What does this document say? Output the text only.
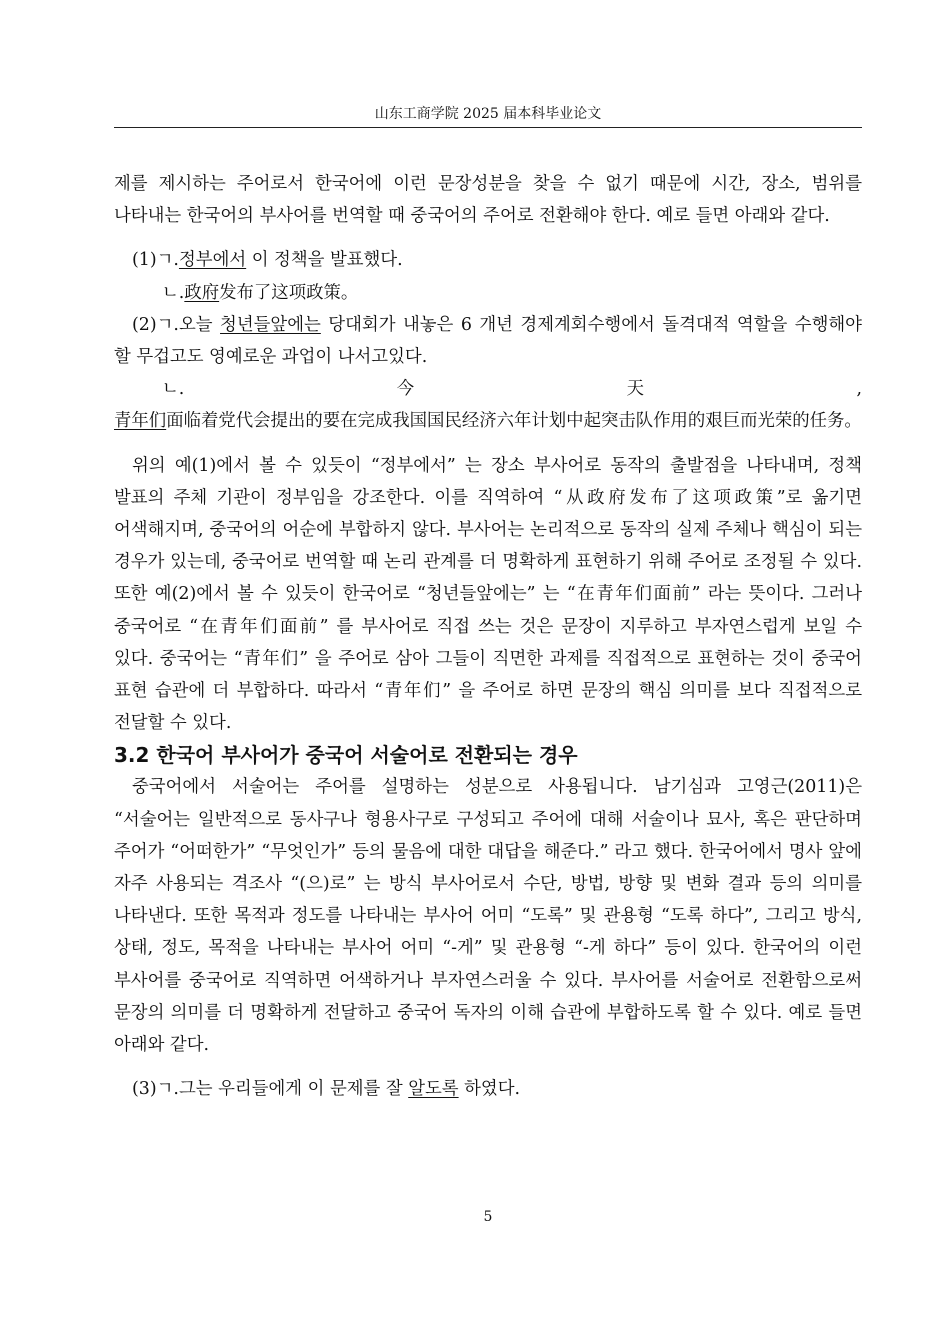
山东工商学院 2025 届本科毕业论文

제를 제시하는 주어로서 한국어에 이런 문장성분을 찾을 수 없기 때문에 시간, 장소, 범위를 나타내는 한국어의 부사어를 번역할 때 중국어의 주어로 전환해야 한다. 예로 들면 아래와 같다.

(1)ㄱ.정부에서 이 정책을 발표했다.

ㄴ.政府发布了这项政策。

(2)ㄱ.오늘 청년들앞에는 당대회가 내놓은 6 개년 경제계회수행에서 돌격대적 역할을 수행해야 할 무겁고도 영예로운 과업이 나서고있다.

ㄴ.今天, 青年们面临着党代会提出的要在完成我国国民经济六年计划中起突击队作用的艰巨而光荣的任务。

위의 예(1)에서 볼 수 있듯이 “정부에서” 는 장소 부사어로 동작의 출발점을 나타내며, 정책 발표의 주체 기관이 정부임을 강조한다. 이를 직역하여 “从政府发布了这项政策”로 옮기면 어색해지며, 중국어의 어순에 부합하지 않다. 부사어는 논리적으로 동작의 실제 주체나 핵심이 되는 경우가 있는데, 중국어로 번역할 때 논리 관계를 더 명확하게 표현하기 위해 주어로 조정될 수 있다. 또한 예(2)에서 볼 수 있듯이 한국어로 “청년들앞에는” 는 “在青年们面前” 라는 뜻이다. 그러나 중국어로 “在青年们面前” 를 부사어로 직접 쓰는 것은 문장이 지루하고 부자연스럽게 보일 수 있다. 중국어는 “青年们” 을 주어로 삼아 그들이 직면한 과제를 직접적으로 표현하는 것이 중국어 표현 습관에 더 부합하다. 따라서 “青年们” 을 주어로 하면 문장의 핵심 의미를 보다 직접적으로 전달할 수 있다.

3.2 한국어 부사어가 중국어 서술어로 전환되는 경우

중국어에서 서술어는 주어를 설명하는 성분으로 사용됩니다. 남기심과 고영근(2011)은 “서술어는 일반적으로 동사구나 형용사구로 구성되고 주어에 대해 서술이나 묘사, 혹은 판단하며 주어가 “어떠한가” “무엇인가” 등의 물음에 대한 대답을 해준다.” 라고 했다. 한국어에서 명사 앞에 자주 사용되는 격조사 “(으)로” 는 방식 부사어로서 수단, 방법, 방향 및 변화 결과 등의 의미를 나타낸다. 또한 목적과 정도를 나타내는 부사어 어미 “도록” 및 관용형 “도록 하다”, 그리고 방식, 상태, 정도, 목적을 나타내는 부사어 어미 “-게” 및 관용형 “-게 하다” 등이 있다. 한국어의 이런 부사어를 중국어로 직역하면 어색하거나 부자연스러울 수 있다. 부사어를 서술어로 전환함으로써 문장의 의미를 더 명확하게 전달하고 중국어 독자의 이해 습관에 부합하도록 할 수 있다. 예로 들면 아래와 같다.

(3)ㄱ.그는 우리들에게 이 문제를 잘 알도록 하였다.

5
